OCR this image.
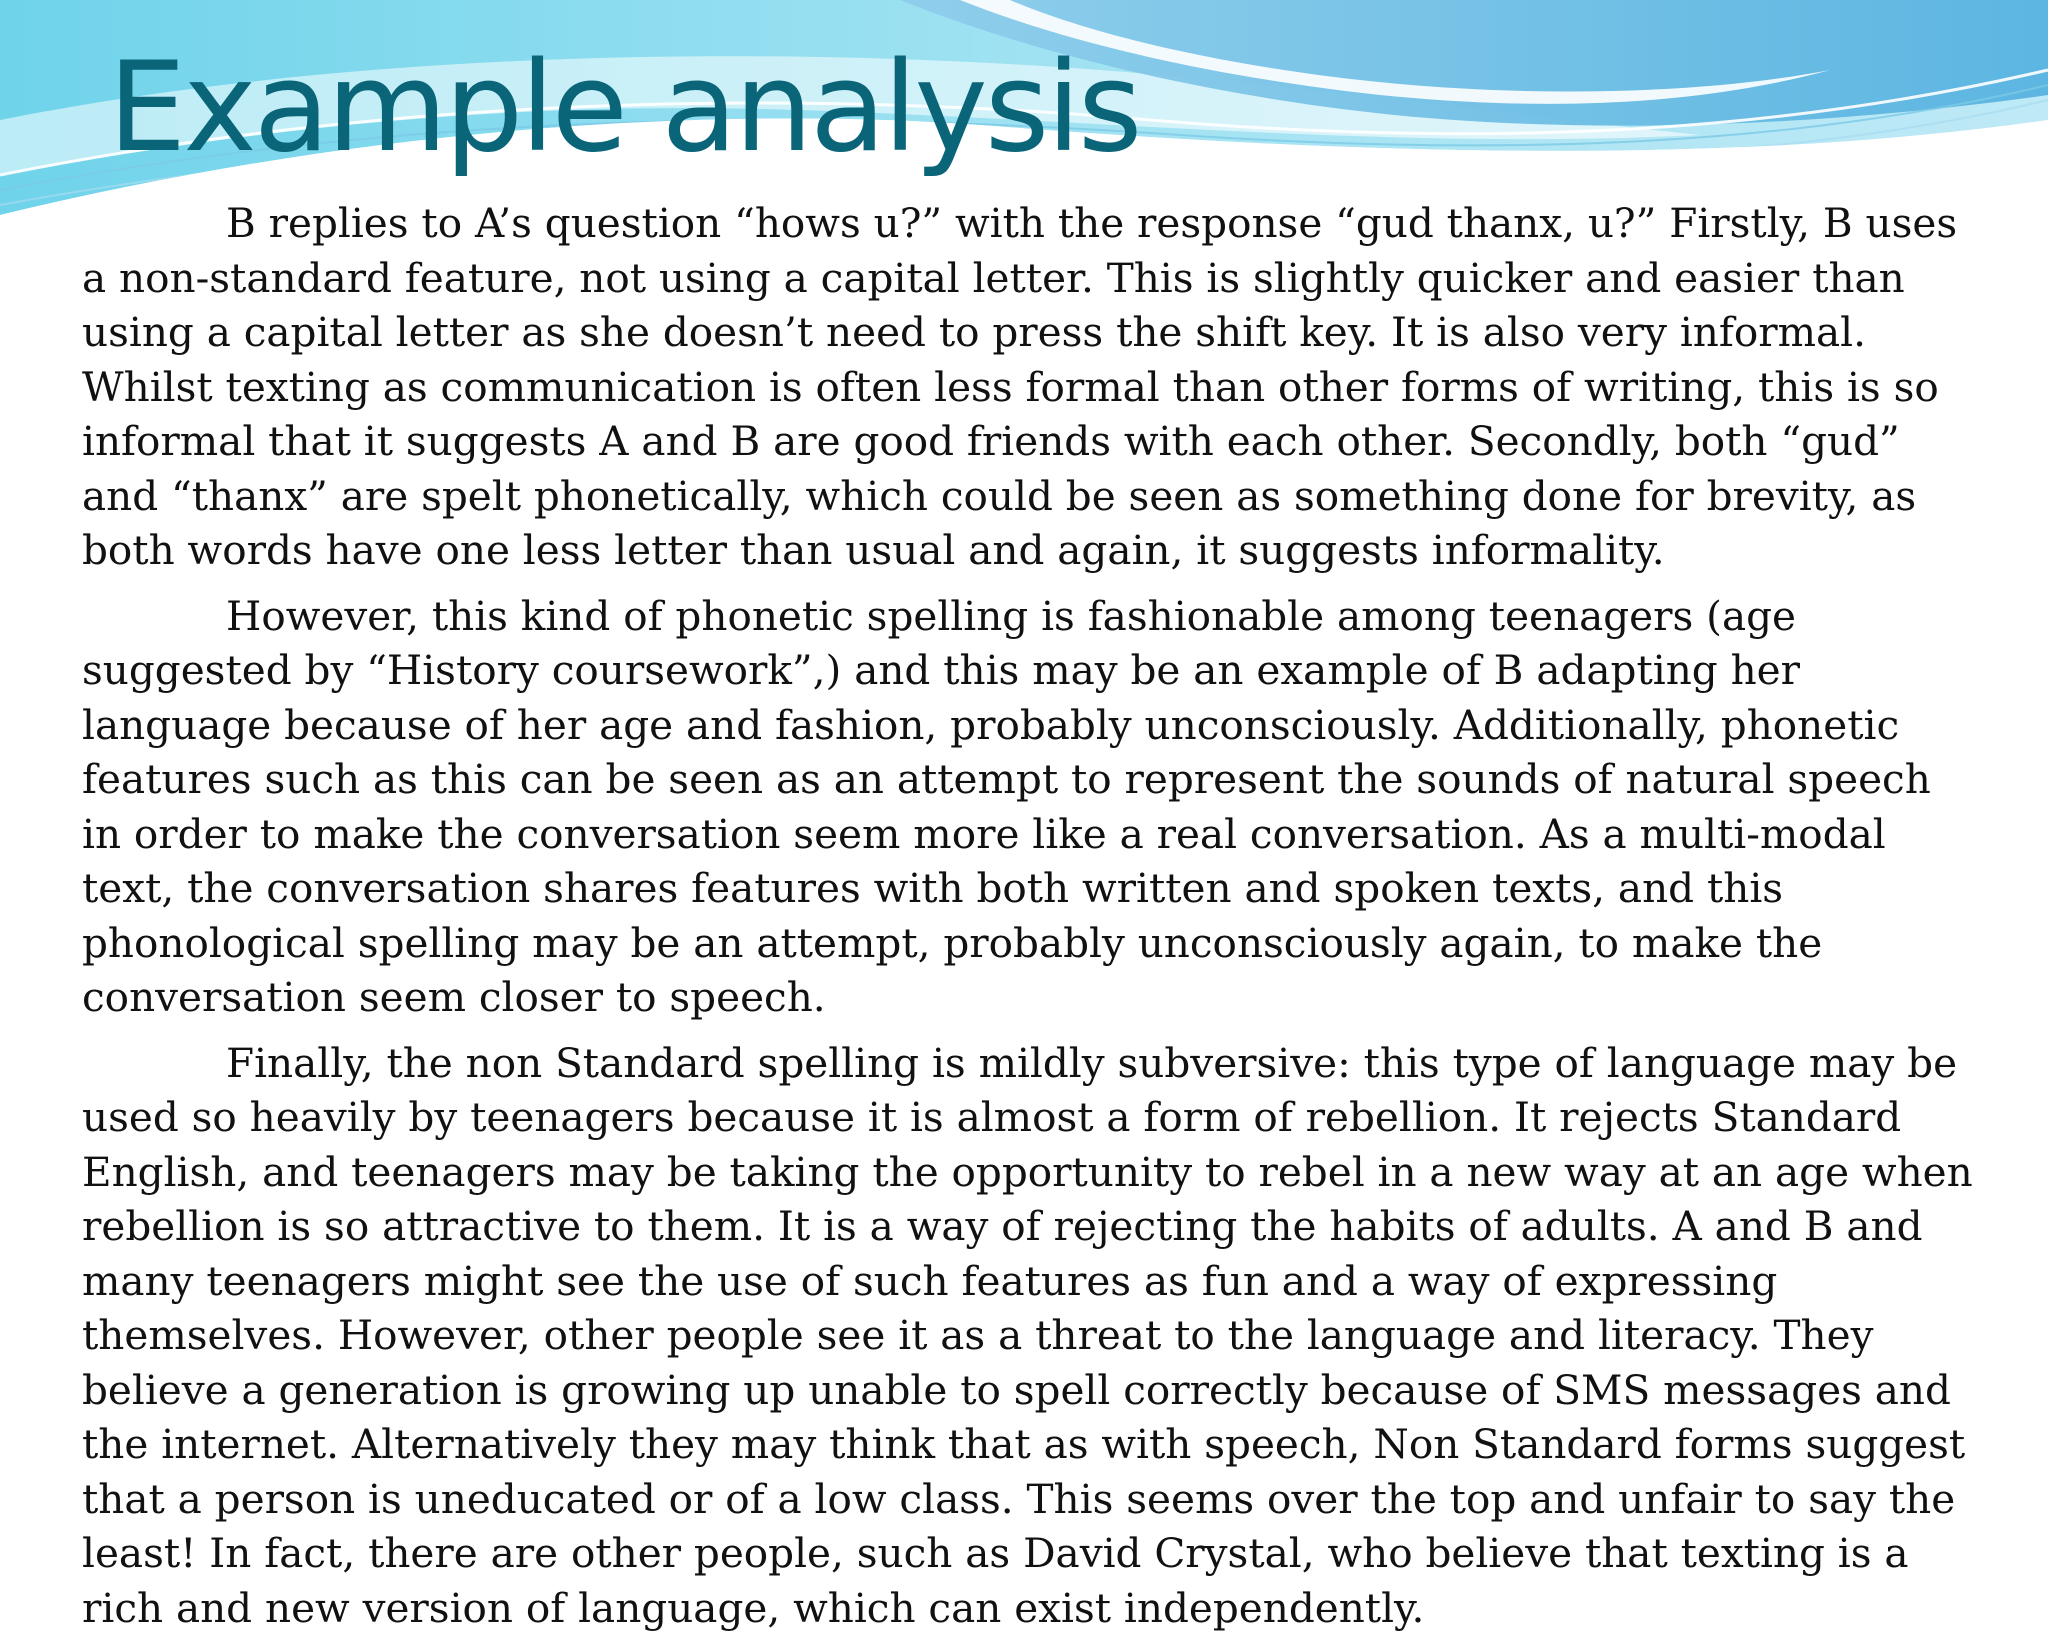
Example analysis

B replies to A’s question “hows u?” with the response “gud thanx, u?” Firstly, B uses a non-standard feature, not using a capital letter. This is slightly quicker and easier than using a capital letter as she doesn’t need to press the shift key. It is also very informal. Whilst texting as communication is often less formal than other forms of writing, this is so informal that it suggests A and B are good friends with each other. Secondly, both “gud” and “thanx” are spelt phonetically, which could be seen as something done for brevity, as both words have one less letter than usual and again, it suggests informality.

However, this kind of phonetic spelling is fashionable among teenagers (age suggested by “History coursework”,) and this may be an example of B adapting her language because of her age and fashion, probably unconsciously. Additionally, phonetic features such as this can be seen as an attempt to represent the sounds of natural speech in order to make the conversation seem more like a real conversation. As a multi-modal text, the conversation shares features with both written and spoken texts, and this phonological spelling may be an attempt, probably unconsciously again, to make the conversation seem closer to speech.

Finally, the non Standard spelling is mildly subversive: this type of language may be used so heavily by teenagers because it is almost a form of rebellion. It rejects Standard English, and teenagers may be taking the opportunity to rebel in a new way at an age when rebellion is so attractive to them. It is a way of rejecting the habits of adults. A and B and many teenagers might see the use of such features as fun and a way of expressing themselves. However, other people see it as a threat to the language and literacy. They believe a generation is growing up unable to spell correctly because of SMS messages and the internet. Alternatively they may think that as with speech, Non Standard forms suggest that a person is uneducated or of a low class. This seems over the top and unfair to say the least! In fact, there are other people, such as David Crystal, who believe that texting is a rich and new version of language, which can exist independently.
